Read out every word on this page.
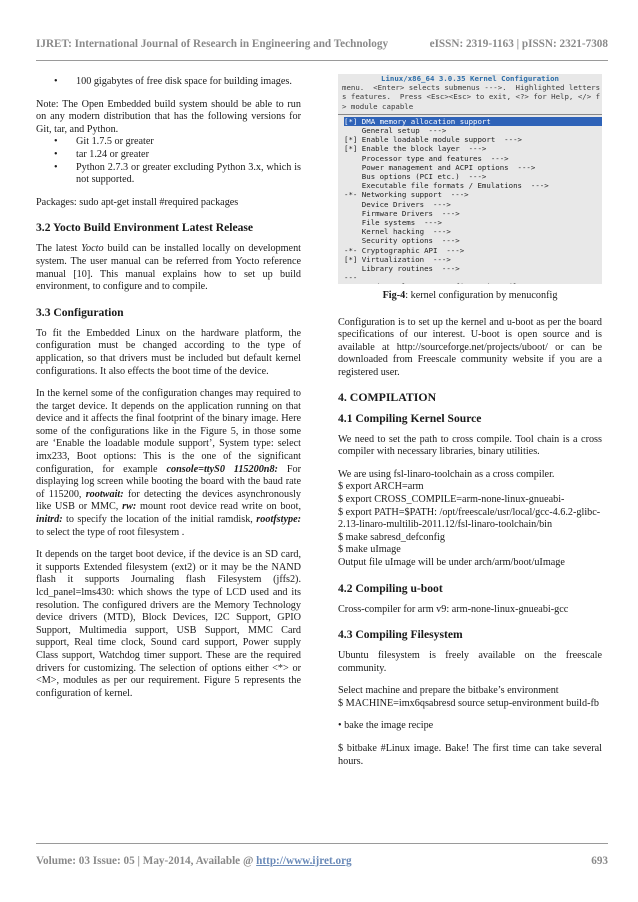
IJRET: International Journal of Research in Engineering and Technology	eISSN: 2319-1163 | pISSN: 2321-7308
• 100 gigabytes of free disk space for building images.

Note: The Open Embedded build system should be able to run on any modern distribution that has the following versions for Git, tar, and Python.

• Git 1.7.5 or greater
• tar 1.24 or greater
• Python 2.7.3 or greater excluding Python 3.x, which is not supported.

Packages: sudo apt-get install #required packages

3.2 Yocto Build Environment Latest Release

The latest Yocto build can be installed locally on development system. The user manual can be referred from Yocto reference manual [10]. This manual explains how to set up build environment, to configure and to compile.

3.3 Configuration

To fit the Embedded Linux on the hardware platform, the configuration must be changed according to the type of application, so that drivers must be included but default kernel configurations. It also effects the boot time of the device.

In the kernel some of the configuration changes may required to the target device. It depends on the application running on that device and it affects the final footprint of the binary image. Here some of the configurations like in the Figure 5, in those some are ‘Enable the loadable module support’, System type: select imx233, Boot options: This is the one of the significant configuration, for example console=ttyS0 115200n8: For displaying log screen while booting the board with the baud rate of 115200, rootwait: for detecting the devices asynchronously like USB or MMC, rw: mount root device read write on boot, initrd: to specify the location of the initial ramdisk, rootfstype: to select the type of root filesystem .

It depends on the target boot device, if the device is an SD card, it supports Extended filesystem (ext2) or it may be the NAND flash it supports Journaling flash Filesystem (jffs2). lcd_panel=lms430: which shows the type of LCD used and its resolution. The configured drivers are the Memory Technology device drivers (MTD), Block Devices, I2C Support, GPIO Support, Multimedia support, USB Support, MMC Card support, Real time clock, Sound card support, Power supply Class support, Watchdog timer support. These are the required drivers for customizing. The selection of options either <*> or <M>, modules as per our requirement. Figure 5 represents the configuration of kernel.

Linux/x86_64 3.0.35 Kernel Configuration
menu.  <Enter> selects submenus --->.  Highlighted letters
s features.  Press <Esc><Esc> to exit, <?> for Help, </> f
> module capable
[*] DMA memory allocation support
General setup  --->
[*] Enable loadable module support  --->
[*] Enable the block layer  --->
Processor type and features  --->
Power management and ACPI options  --->
Bus options (PCI etc.)  --->
Executable file formats / Emulations  --->
-*- Networking support  --->
Device Drivers  --->
Firmware Drivers  --->
File systems  --->
Kernel hacking  --->
Security options  --->
-*- Cryptographic API  --->
[*] Virtualization  --->
Library routines  --->
---
Fig-4: kernel configuration by menuconfig

Configuration is to set up the kernel and u-boot as per the board specifications of our interest. U-boot is open source and is available at http://sourceforge.net/projects/uboot/ or can be downloaded from Freescale community website if you are a registered user.

4. COMPILATION
4.1 Compiling Kernel Source

We need to set the path to cross compile. Tool chain is a cross compiler with necessary libraries, binary utilities.

We are using fsl-linaro-toolchain as a cross compiler.

$ export ARCH=arm

$ export CROSS_COMPILE=arm-none-linux-gnueabi-

$ export PATH=$PATH: /opt/freescale/usr/local/gcc-4.6.2-glibc-2.13-linaro-multilib-2011.12/fsl-linaro-toolchain/bin

$ make sabresd_defconfig

$ make uImage

Output file uImage will be under arch/arm/boot/uImage

4.2 Compiling u-boot

Cross-compiler for arm v9: arm-none-linux-gnueabi-gcc

4.3 Compiling Filesystem

Ubuntu filesystem is freely available on the freescale community.

Select machine and prepare the bitbake’s environment

$ MACHINE=imx6qsabresd source setup-environment build-fb

• bake the image recipe

$ bitbake #Linux image. Bake! The first time can take several hours.

Volume: 03 Issue: 05 | May-2014, Available @ http://www.ijret.org	693
